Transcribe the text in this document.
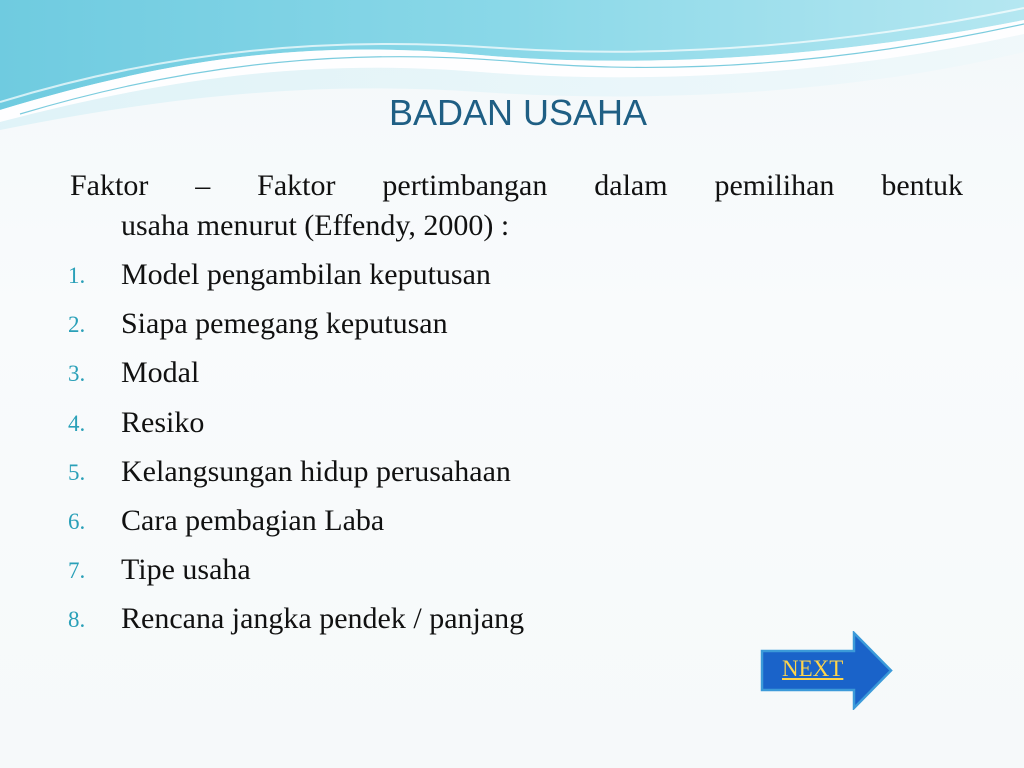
BADAN USAHA
Faktor – Faktor pertimbangan dalam pemilihan bentuk
usaha menurut (Effendy, 2000) :
1. Model pengambilan keputusan
2. Siapa pemegang keputusan
3. Modal
4. Resiko
5. Kelangsungan hidup perusahaan
6. Cara pembagian Laba
7. Tipe usaha
8. Rencana jangka pendek / panjang
NEXT
